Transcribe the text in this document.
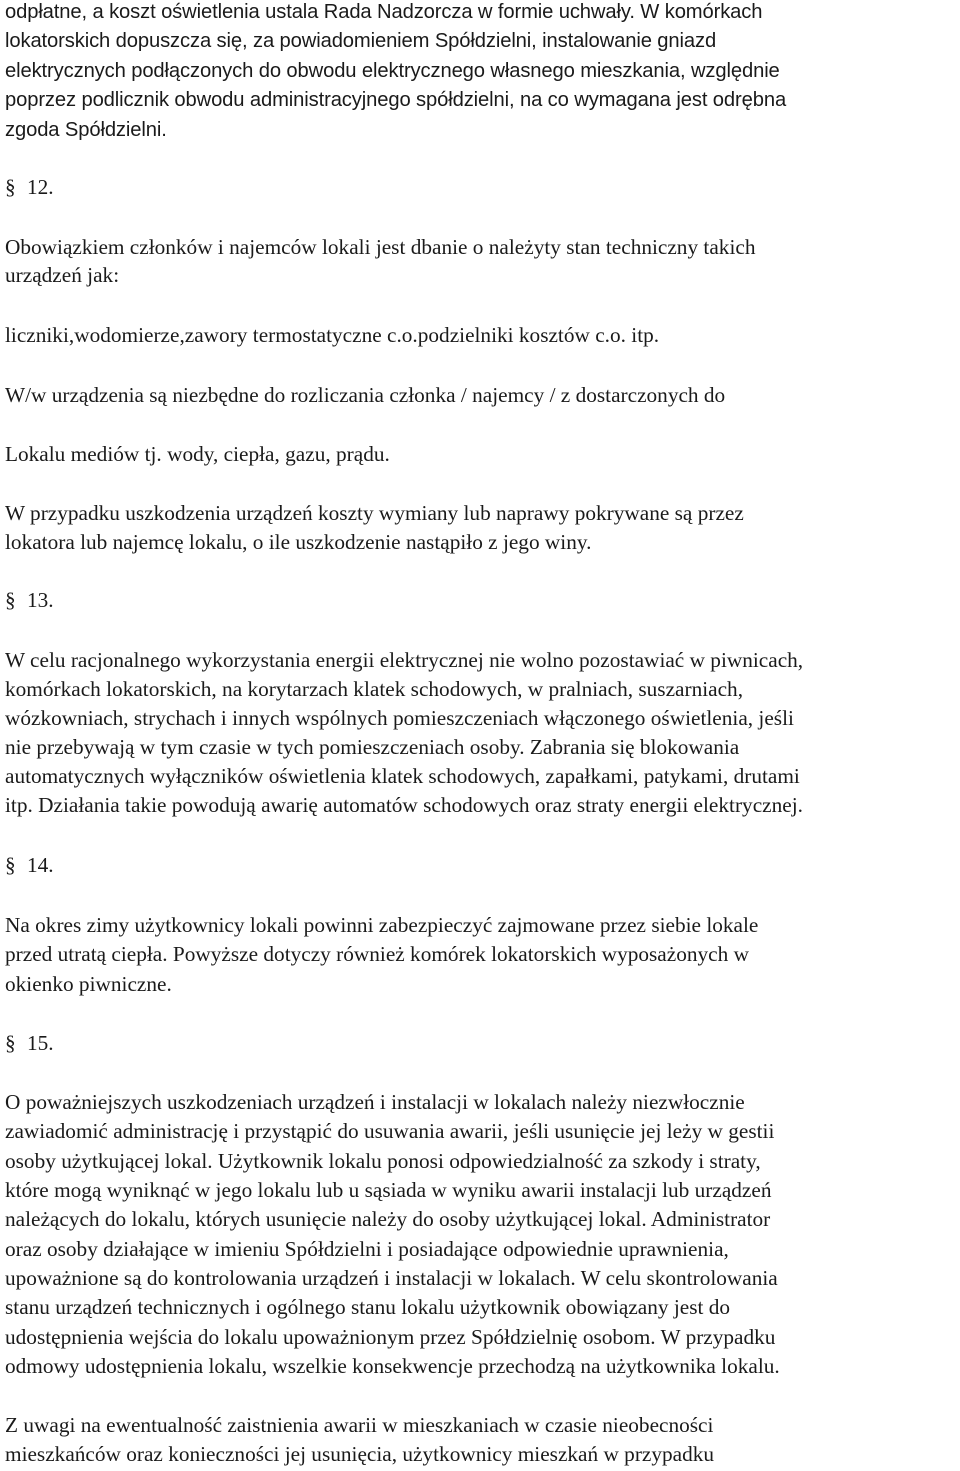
odpłatne, a koszt oświetlenia ustala Rada Nadzorcza w formie uchwały. W komórkach
lokatorskich dopuszcza się, za powiadomieniem Spółdzielni, instalowanie gniazd
elektrycznych podłączonych do obwodu elektrycznego własnego mieszkania, względnie
poprzez podlicznik obwodu administracyjnego spółdzielni, na co wymagana jest odrębna
zgoda Spółdzielni.
§ 12.
Obowiązkiem członków i najemców lokali jest dbanie o należyty stan techniczny takich
urządzeń jak:
liczniki,wodomierze,zawory termostatyczne c.o.podzielniki kosztów c.o. itp.
W/w urządzenia są niezbędne do rozliczania członka / najemcy / z dostarczonych do
Lokalu mediów tj. wody, ciepła, gazu, prądu.
W przypadku uszkodzenia urządzeń koszty wymiany lub naprawy pokrywane są przez
lokatora lub najemcę lokalu, o ile uszkodzenie nastąpiło z jego winy.
§ 13.
W celu racjonalnego wykorzystania energii elektrycznej nie wolno pozostawiać w piwnicach,
komórkach lokatorskich, na korytarzach klatek schodowych, w pralniach, suszarniach,
wózkowniach, strychach i innych wspólnych pomieszczeniach włączonego oświetlenia, jeśli
nie przebywają w tym czasie w tych pomieszczeniach osoby. Zabrania się blokowania
automatycznych wyłączników oświetlenia klatek schodowych, zapałkami, patykami, drutami
itp. Działania takie powodują awarię automatów schodowych oraz straty energii elektrycznej.
§ 14.
Na okres zimy użytkownicy lokali powinni zabezpieczyć zajmowane przez siebie lokale
przed utratą ciepła. Powyższe dotyczy również komórek lokatorskich wyposażonych w
okienko piwniczne.
§ 15.
O poważniejszych uszkodzeniach urządzeń i instalacji w lokalach należy niezwłocznie
zawiadomić administrację i przystąpić do usuwania awarii, jeśli usunięcie jej leży w gestii
osoby użytkującej lokal. Użytkownik lokalu ponosi odpowiedzialność za szkody i straty,
które mogą wyniknąć w jego lokalu lub u sąsiada w wyniku awarii instalacji lub urządzeń
należących do lokalu, których usunięcie należy do osoby użytkującej lokal. Administrator
oraz osoby działające w imieniu Spółdzielni i posiadające odpowiednie uprawnienia,
upoważnione są do kontrolowania urządzeń i instalacji w lokalach. W celu skontrolowania
stanu urządzeń technicznych i ogólnego stanu lokalu użytkownik obowiązany jest do
udostępnienia wejścia do lokalu upoważnionym przez Spółdzielnię osobom. W przypadku
odmowy udostępnienia lokalu, wszelkie konsekwencje przechodzą na użytkownika lokalu.
Z uwagi na ewentualność zaistnienia awarii w mieszkaniach w czasie nieobecności
mieszkańców oraz konieczności jej usunięcia, użytkownicy mieszkań w przypadku
